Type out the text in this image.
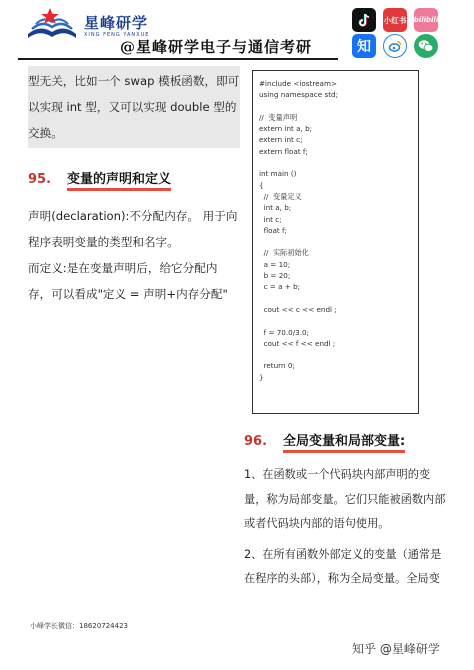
星峰研学
XING FENG YANXUE
@星峰研学电子与通信考研
小红书 bilibili
知
型无关，比如一个 swap 模板函数，即可
以实现 int 型，又可以实现 double 型的
交换。
95. 变量的声明和定义
声明(declaration):不分配内存。 用于向
程序表明变量的类型和名字。
而定义:是在变量声明后，给它分配内
存，可以看成"定义 = 声明+内存分配"
#include <iostream>
using namespace std;
//  变量声明
extern int a, b;
extern int c;
extern float f;
int main ()
{
//  变量定义
int a, b;
int c;
float f;
//  实际初始化
a = 10;
b = 20;
c = a + b;
cout << c << endl ;
f = 70.0/3.0;
cout << f << endl ;
return 0;
}
96. 全局变量和局部变量:
1、在函数或一个代码块内部声明的变
量，称为局部变量。它们只能被函数内部
或者代码块内部的语句使用。
2、在所有函数外部定义的变量（通常是
在程序的头部），称为全局变量。全局变
小峰学长微信：18620724423
知乎 @星峰研学
